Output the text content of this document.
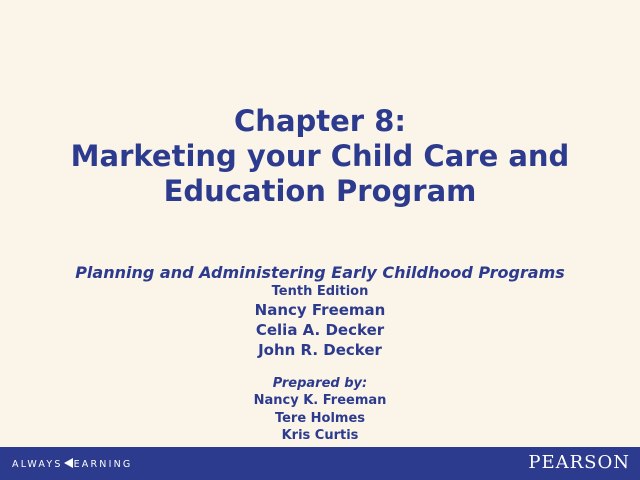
Chapter 8:
Marketing your Child Care and
Education Program
Planning and Administering Early Childhood Programs
Tenth Edition
Nancy Freeman
Celia A. Decker
John R. Decker
Prepared by:
Nancy K. Freeman
Tere Holmes
Kris Curtis
ALWAYS EARNING	PEARSON
